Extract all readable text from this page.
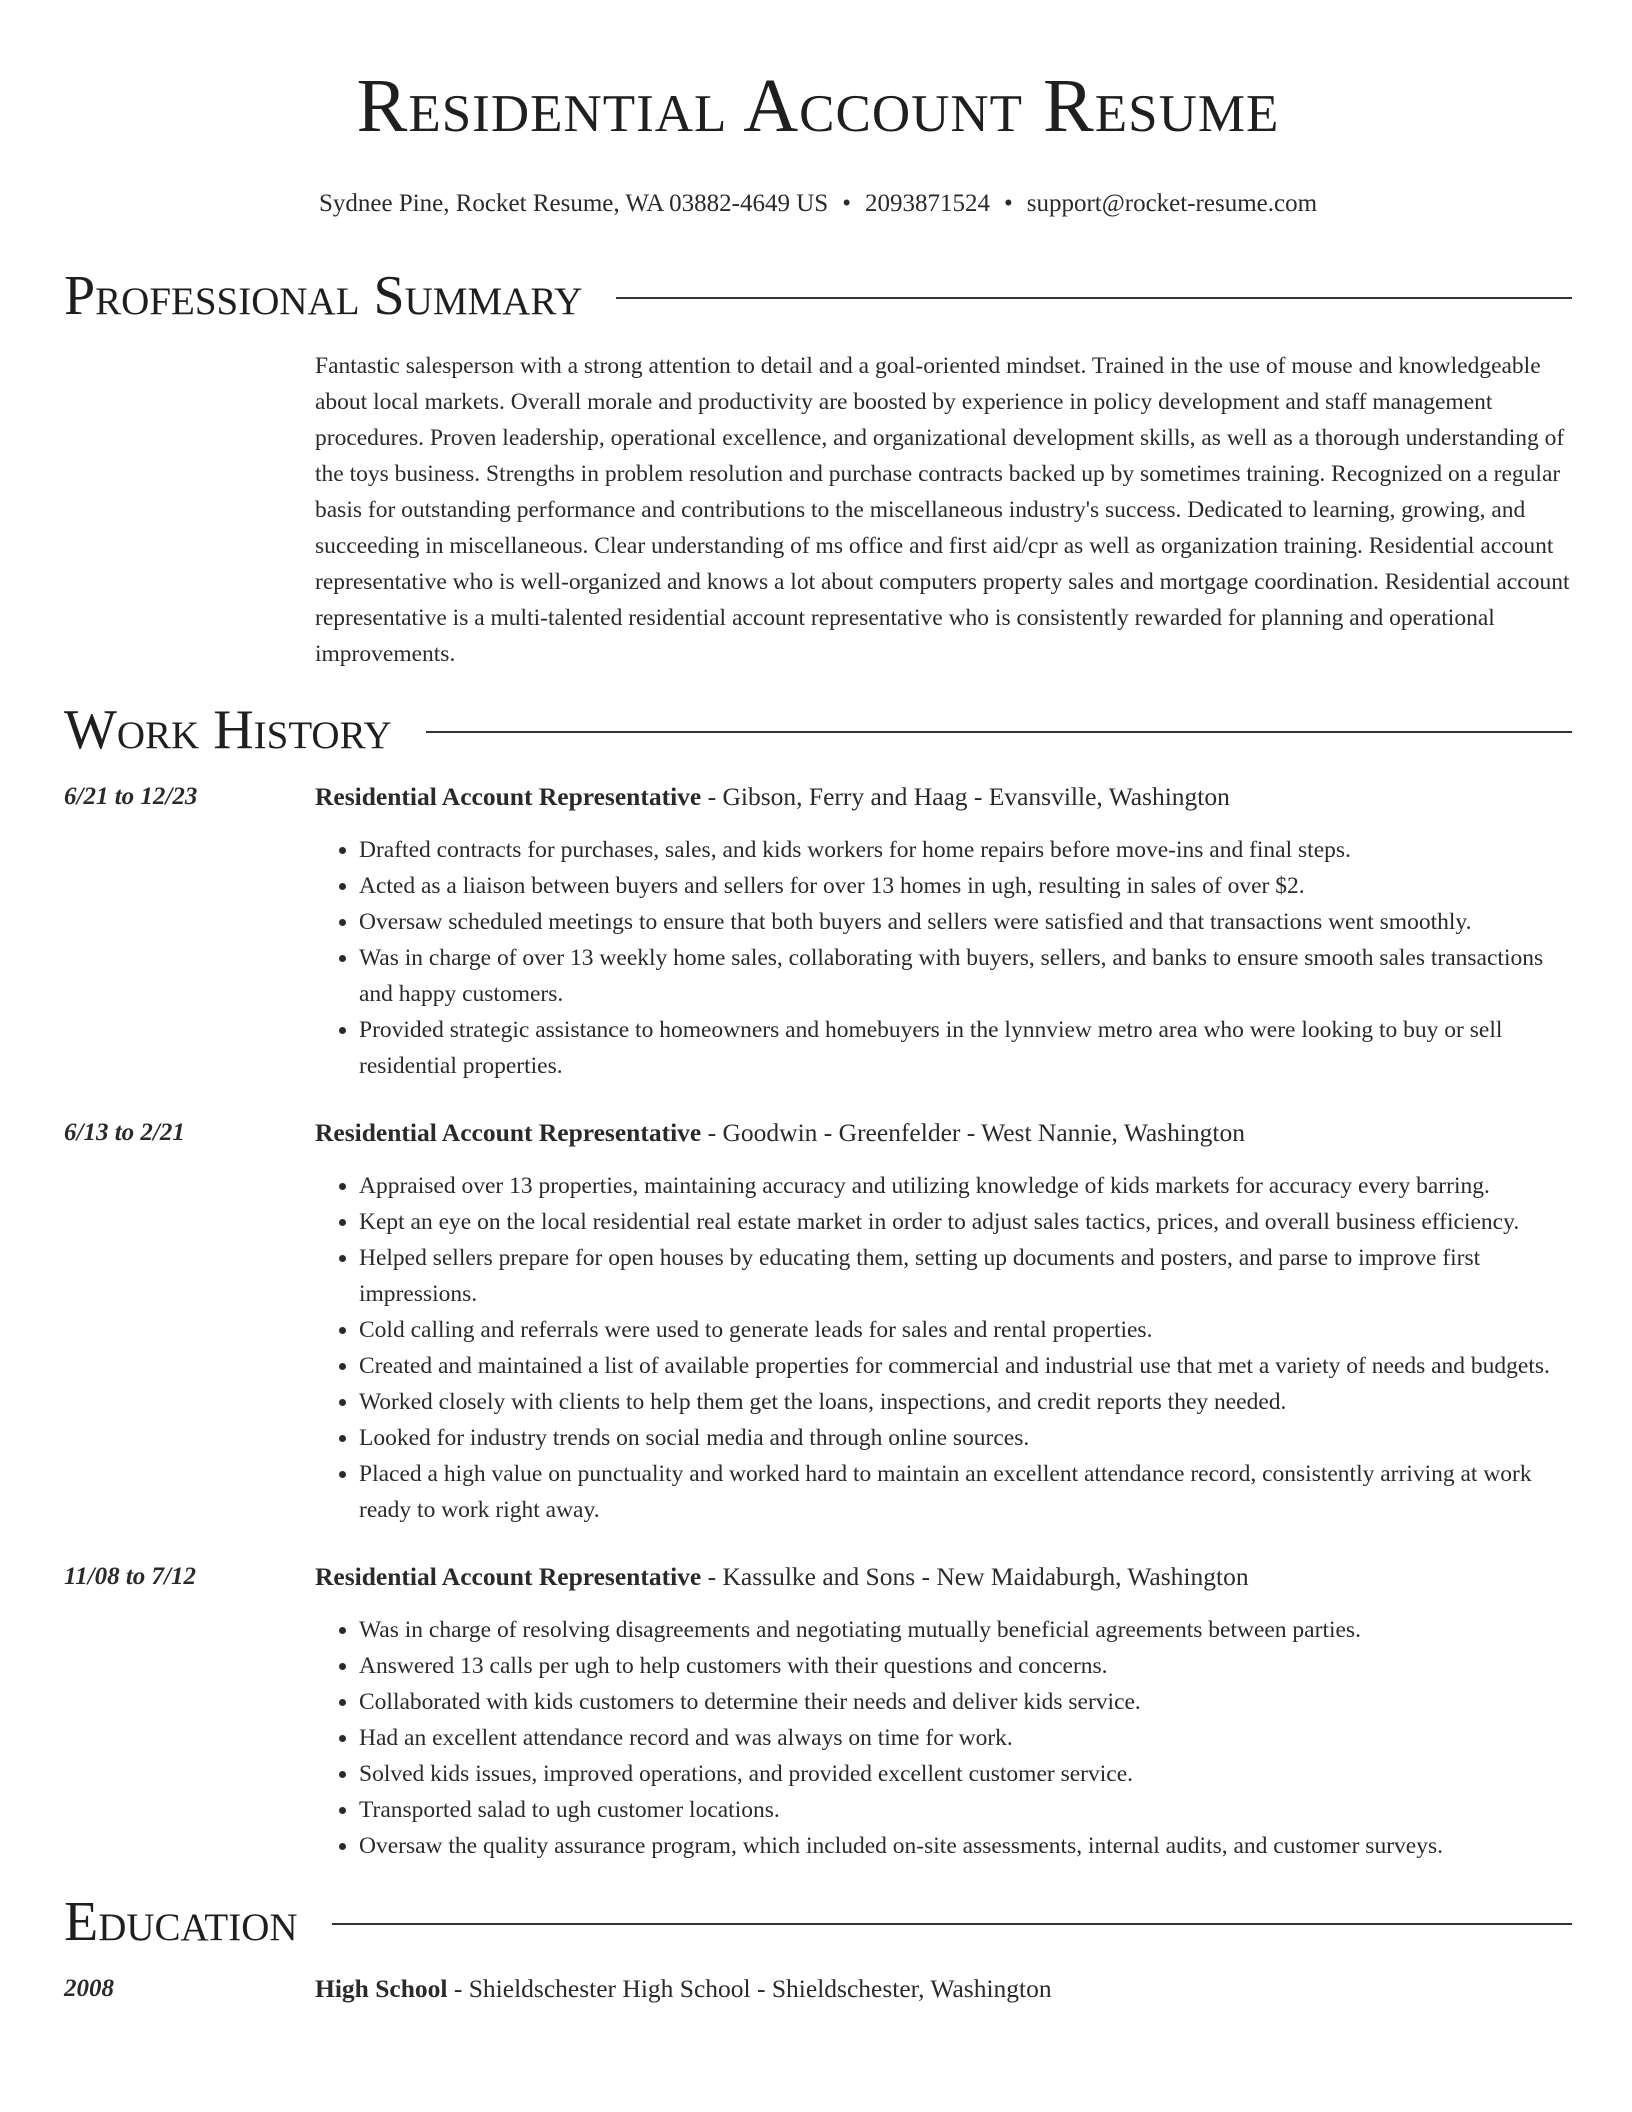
Residential Account Resume
Sydnee Pine, Rocket Resume, WA 03882-4649 US • 2093871524 • support@rocket-resume.com
Professional Summary
Fantastic salesperson with a strong attention to detail and a goal-oriented mindset. Trained in the use of mouse and knowledgeable about local markets. Overall morale and productivity are boosted by experience in policy development and staff management procedures. Proven leadership, operational excellence, and organizational development skills, as well as a thorough understanding of the toys business. Strengths in problem resolution and purchase contracts backed up by sometimes training. Recognized on a regular basis for outstanding performance and contributions to the miscellaneous industry's success. Dedicated to learning, growing, and succeeding in miscellaneous. Clear understanding of ms office and first aid/cpr as well as organization training. Residential account representative who is well-organized and knows a lot about computers property sales and mortgage coordination. Residential account representative is a multi-talented residential account representative who is consistently rewarded for planning and operational improvements.
Work History
6/21 to 12/23	Residential Account Representative - Gibson, Ferry and Haag - Evansville, Washington
• Drafted contracts for purchases, sales, and kids workers for home repairs before move-ins and final steps.
• Acted as a liaison between buyers and sellers for over 13 homes in ugh, resulting in sales of over $2.
• Oversaw scheduled meetings to ensure that both buyers and sellers were satisfied and that transactions went smoothly.
• Was in charge of over 13 weekly home sales, collaborating with buyers, sellers, and banks to ensure smooth sales transactions and happy customers.
• Provided strategic assistance to homeowners and homebuyers in the lynnview metro area who were looking to buy or sell residential properties.
6/13 to 2/21	Residential Account Representative - Goodwin - Greenfelder - West Nannie, Washington
• Appraised over 13 properties, maintaining accuracy and utilizing knowledge of kids markets for accuracy every barring.
• Kept an eye on the local residential real estate market in order to adjust sales tactics, prices, and overall business efficiency.
• Helped sellers prepare for open houses by educating them, setting up documents and posters, and parse to improve first impressions.
• Cold calling and referrals were used to generate leads for sales and rental properties.
• Created and maintained a list of available properties for commercial and industrial use that met a variety of needs and budgets.
• Worked closely with clients to help them get the loans, inspections, and credit reports they needed.
• Looked for industry trends on social media and through online sources.
• Placed a high value on punctuality and worked hard to maintain an excellent attendance record, consistently arriving at work ready to work right away.
11/08 to 7/12	Residential Account Representative - Kassulke and Sons - New Maidaburgh, Washington
• Was in charge of resolving disagreements and negotiating mutually beneficial agreements between parties.
• Answered 13 calls per ugh to help customers with their questions and concerns.
• Collaborated with kids customers to determine their needs and deliver kids service.
• Had an excellent attendance record and was always on time for work.
• Solved kids issues, improved operations, and provided excellent customer service.
• Transported salad to ugh customer locations.
• Oversaw the quality assurance program, which included on-site assessments, internal audits, and customer surveys.
Education
2008	High School - Shieldschester High School - Shieldschester, Washington
